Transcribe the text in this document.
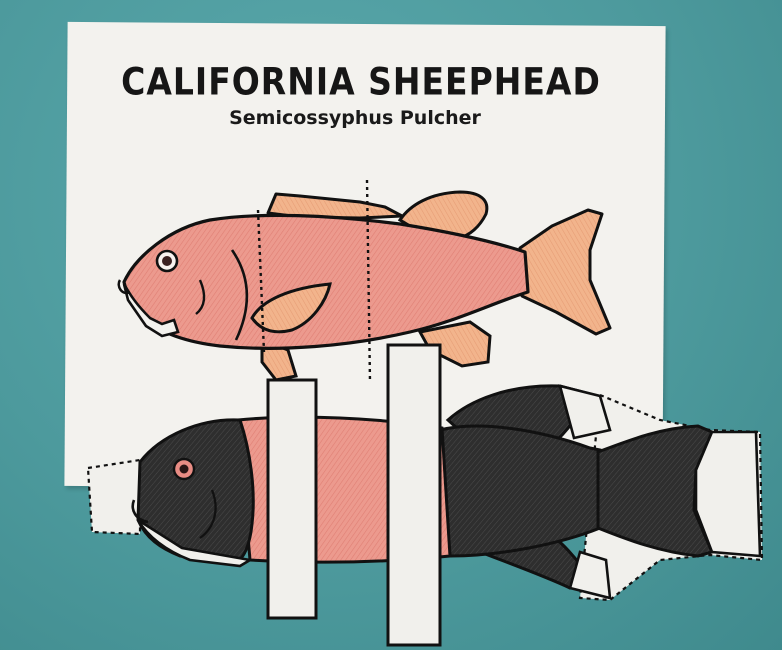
CALIFORNIA SHEEPHEAD
Semicossyphus Pulcher
